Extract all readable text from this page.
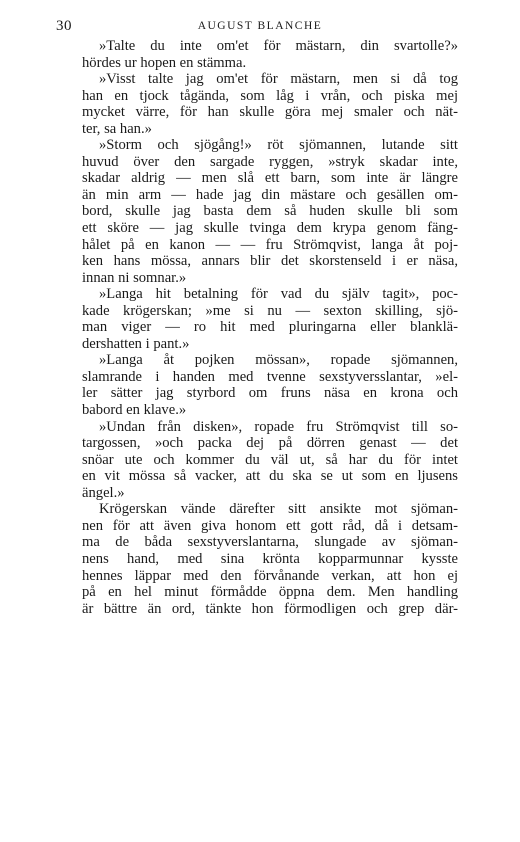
30	AUGUST BLANCHE

»Talte du inte om'et för mästarn, din svartolle?»
hördes ur hopen en stämma.

»Visst talte jag om'et för mästarn, men si då tog
han en tjock tågända, som låg i vrån, och piska mej
mycket värre, för han skulle göra mej smaler och nät-
ter, sa han.»

»Storm och sjögång!» röt sjömannen, lutande sitt
huvud över den sargade ryggen, »stryk skadar inte,
skadar aldrig — men slå ett barn, som inte är längre
än min arm — hade jag din mästare och gesällen om-
bord, skulle jag basta dem så huden skulle bli som
ett sköre — jag skulle tvinga dem krypa genom fäng-
hålet på en kanon — — fru Strömqvist, langa åt poj-
ken hans mössa, annars blir det skorstenseld i er näsa,
innan ni somnar.»

»Langa hit betalning för vad du själv tagit», poc-
kade krögerskan; »me si nu — sexton skilling, sjö-
man viger — ro hit med pluringarna eller blanklä-
dershatten i pant.»

»Langa åt pojken mössan», ropade sjömannen,
slamrande i handen med tvenne sexstyversslantar, »el-
ler sätter jag styrbord om fruns näsa en krona och
babord en klave.»

»Undan från disken», ropade fru Strömqvist till so-
targossen, »och packa dej på dörren genast — det
snöar ute och kommer du väl ut, så har du för intet
en vit mössa så vacker, att du ska se ut som en ljusens
ängel.»

Krögerskan vände därefter sitt ansikte mot sjöman-
nen för att även giva honom ett gott råd, då i detsam-
ma de båda sexstyverslantarna, slungade av sjöman-
nens hand, med sina krönta kopparmunnar kysste
hennes läppar med den förvånande verkan, att hon ej
på en hel minut förmådde öppna dem. Men handling
är bättre än ord, tänkte hon förmodligen och grep där-
